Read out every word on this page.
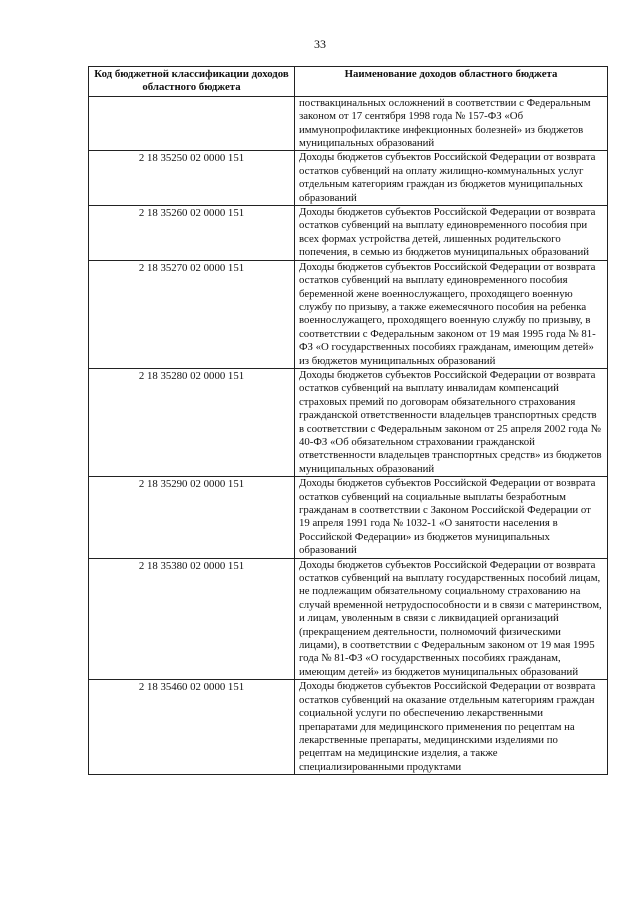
33
Код бюджетной классификации доходов областного бюджета	Наименование доходов областного бюджета
	поствакцинальных осложнений в соответствии с Федеральным законом от 17 сентября 1998 года № 157-ФЗ «Об иммунопрофилактике инфекционных болезней» из бюджетов муниципальных образований
2 18 35250 02 0000 151	Доходы бюджетов субъектов Российской Федерации от возврата остатков субвенций на оплату жилищно-коммунальных услуг отдельным категориям граждан из бюджетов муниципальных образований
2 18 35260 02 0000 151	Доходы бюджетов субъектов Российской Федерации от возврата остатков субвенций на выплату единовременного пособия при всех формах устройства детей, лишенных родительского попечения, в семью из бюджетов муниципальных образований
2 18 35270 02 0000 151	Доходы бюджетов субъектов Российской Федерации от возврата остатков субвенций на выплату единовременного пособия беременной жене военнослужащего, проходящего военную службу по призыву, а также ежемесячного пособия на ребенка военнослужащего, проходящего военную службу по призыву, в соответствии с Федеральным законом от 19 мая 1995 года № 81-ФЗ «О государственных пособиях гражданам, имеющим детей» из бюджетов муниципальных образований
2 18 35280 02 0000 151	Доходы бюджетов субъектов Российской Федерации от возврата остатков субвенций на выплату инвалидам компенсаций страховых премий по договорам обязательного страхования гражданской ответственности владельцев транспортных средств в соответствии с Федеральным законом от 25 апреля 2002 года № 40-ФЗ «Об обязательном страховании гражданской ответственности владельцев транспортных средств» из бюджетов муниципальных образований
2 18 35290 02 0000 151	Доходы бюджетов субъектов Российской Федерации от возврата остатков субвенций на социальные выплаты безработным гражданам в соответствии с Законом Российской Федерации от 19 апреля 1991 года № 1032-1 «О занятости населения в Российской Федерации» из бюджетов муниципальных образований
2 18 35380 02 0000 151	Доходы бюджетов субъектов Российской Федерации от возврата остатков субвенций на выплату государственных пособий лицам, не подлежащим обязательному социальному страхованию на случай временной нетрудоспособности и в связи с материнством, и лицам, уволенным в связи с ликвидацией организаций (прекращением деятельности, полномочий физическими лицами), в соответствии с Федеральным законом от 19 мая 1995 года № 81-ФЗ «О государственных пособиях гражданам, имеющим детей» из бюджетов муниципальных образований
2 18 35460 02 0000 151	Доходы бюджетов субъектов Российской Федерации от возврата остатков субвенций на оказание отдельным категориям граждан социальной услуги по обеспечению лекарственными препаратами для медицинского применения по рецептам на лекарственные препараты, медицинскими изделиями по рецептам на медицинские изделия, а также специализированными продуктами
